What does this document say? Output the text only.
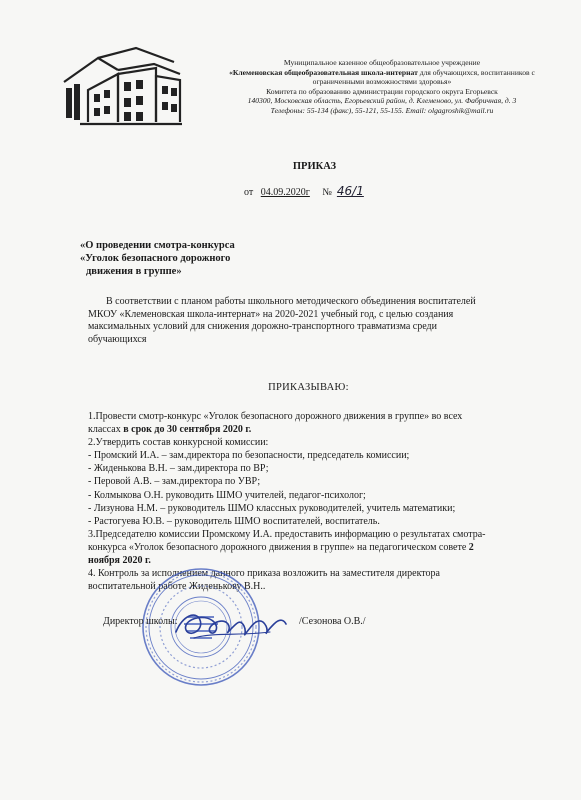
Муниципальное казенное общеобразовательное учреждение
«Клеменовская общеобразовательная школа-интернат для обучающихся, воспитанников с
ограниченными возможностями здоровья»
Комитета по образованию администрации городского округа Егорьевск
140300, Московская область, Егорьевский район, д. Клеменово, ул. Фабричная, д. 3
Телефоны: 55-134 (факс), 55-121, 55-155. Email: olgagroshik@mail.ru
ПРИКАЗ
от 04.09.2020г № 46/1
«О проведении смотра-конкурса
«Уголок безопасного дорожного
движения в группе»
В соответствии с планом работы школьного методического объединения воспитателей
МКОУ «Клеменовская школа-интернат» на 2020-2021 учебный год, с целью создания
максимальных условий для снижения дорожно-транспортного травматизма среди
обучающихся
ПРИКАЗЫВАЮ:
1.Провести смотр-конкурс «Уголок безопасного дорожного движения в группе» во всех
классах в срок до 30 сентября 2020 г.
2.Утвердить состав конкурсной комиссии:
- Промский И.А. – зам.директора по безопасности, председатель комиссии;
- Жиденькова В.Н. – зам.директора по ВР;
- Перовой А.В. – зам.директора по УВР;
- Колмыкова О.Н. руководить ШМО учителей, педагог-психолог;
- Лизунова Н.М. – руководитель ШМО классных руководителей, учитель математики;
- Растогуева Ю.В. – руководитель ШМО воспитателей, воспитатель.
3.Председателю комиссии Промскому И.А. предоставить информацию о результатах смотра-
конкурса «Уголок безопасного дорожного движения в группе» на педагогическом совете 2
ноября 2020 г.
4. Контроль за исполнением данного приказа возложить на заместителя директора
воспитательной работе Жиденькову В.Н..
Директор школы:	/Сезонова О.В./
